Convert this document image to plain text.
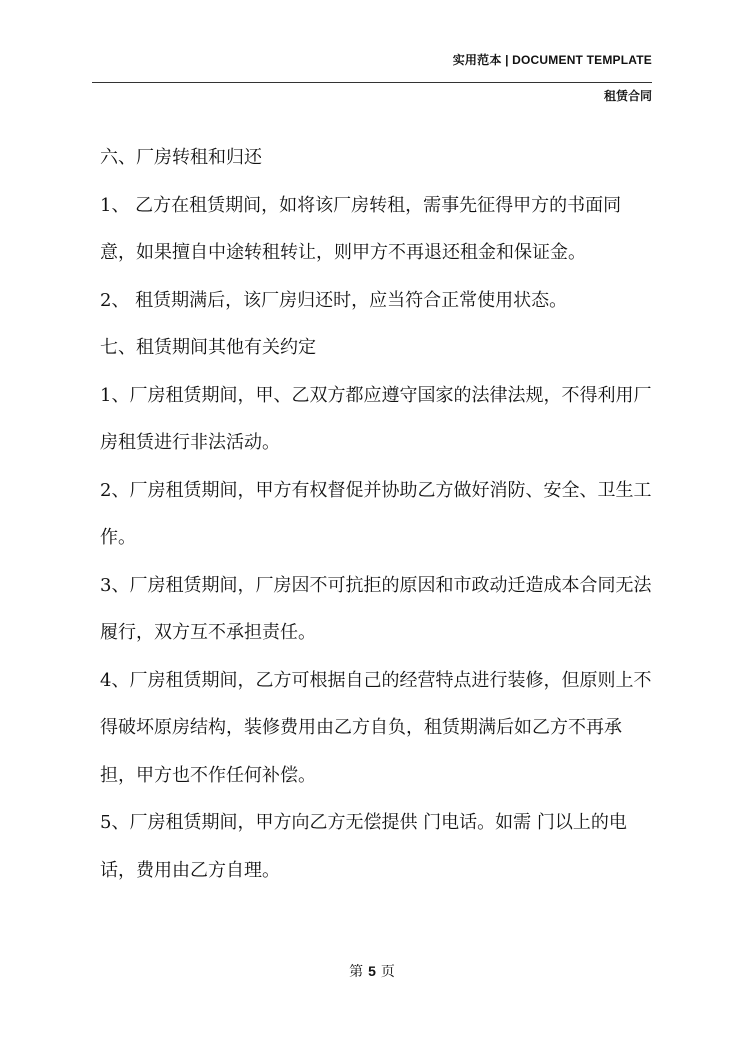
实用范本 | DOCUMENT TEMPLATE
租赁合同

六、厂房转租和归还

1、 乙方在租赁期间，如将该厂房转租，需事先征得甲方的书面同意，如果擅自中途转租转让，则甲方不再退还租金和保证金。

2、 租赁期满后，该厂房归还时，应当符合正常使用状态。

七、租赁期间其他有关约定

1、厂房租赁期间，甲、乙双方都应遵守国家的法律法规，不得利用厂房租赁进行非法活动。

2、厂房租赁期间，甲方有权督促并协助乙方做好消防、安全、卫生工作。

3、厂房租赁期间，厂房因不可抗拒的原因和市政动迁造成本合同无法履行，双方互不承担责任。

4、厂房租赁期间，乙方可根据自己的经营特点进行装修，但原则上不得破坏原房结构，装修费用由乙方自负，租赁期满后如乙方不再承担，甲方也不作任何补偿。

5、厂房租赁期间，甲方向乙方无偿提供 门电话。如需 门以上的电话，费用由乙方自理。

第 5 页
